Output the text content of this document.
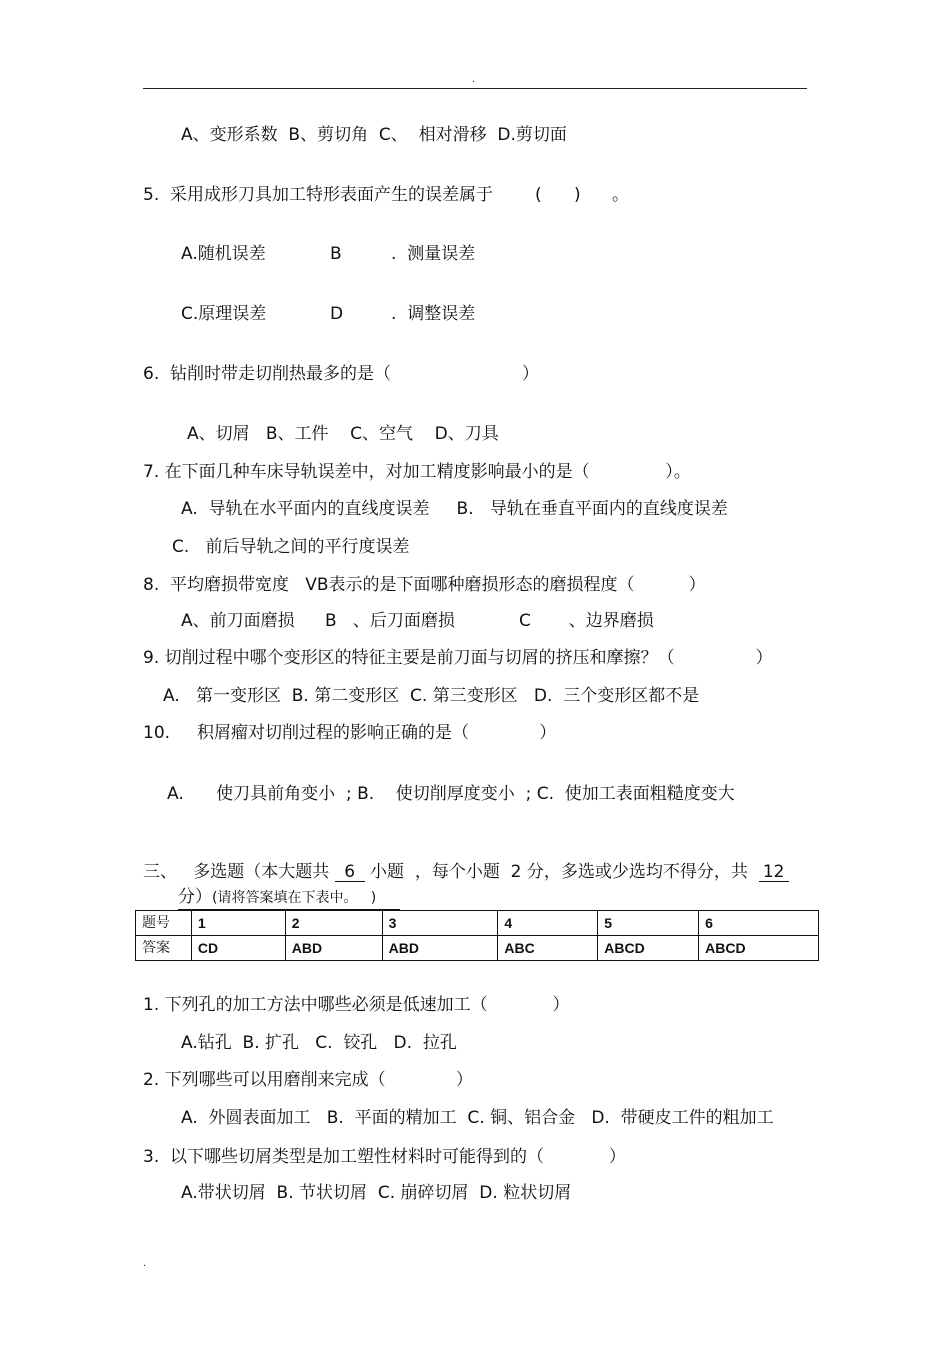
.
A、变形系数  B、剪切角  C、  相对滑移  D.剪切面
5.  采用成形刀具加工特形表面产生的误差属于 (      ) 。
A.随机误差	B	.  测量误差
C.原理误差	D	.  调整误差
6.  钻削时带走切削热最多的是（	）
A、切屑   B、工件    C、空气    D、刀具
7. 在下面几种车床导轨误差中，对加工精度影响最小的是（              ）。
A.  导轨在水平面内的直线度误差     B.   导轨在垂直平面内的直线度误差
C.   前后导轨之间的平行度误差
8.  平均磨损带宽度   VB表示的是下面哪种磨损形态的磨损程度（          ）
A、前刀面磨损 B   、后刀面磨损	C       、边界磨损
9. 切削过程中哪个变形区的特征主要是前刀面与切屑的挤压和摩擦？（               ）
A.   第一变形区  B. 第二变形区  C. 第三变形区   D.  三个变形区都不是
10.     积屑瘤对切削过程的影响正确的是（             ）
A.      使刀具前角变小  ; B.    使切削厚度变小  ; C.  使加工表面粗糙度变大
三、   多选题（本大题共 6 小题  ，每个小题  2 分，多选或少选均不得分，共 12
分）(请将答案填在下表中。   )
题号	1	2	3	4	5	6
答案	CD	ABD	ABD	ABC	ABCD	ABCD
1. 下列孔的加工方法中哪些必须是低速加工（            ）
A.钻孔  B. 扩孔   C.  铰孔   D.  拉孔
2. 下列哪些可以用磨削来完成（             ）
A.  外圆表面加工   B.  平面的精加工  C. 铜、铝合金   D.  带硬皮工件的粗加工
3.  以下哪些切屑类型是加工塑性材料时可能得到的（            ）
A.带状切屑  B. 节状切屑  C. 崩碎切屑  D. 粒状切屑
.
